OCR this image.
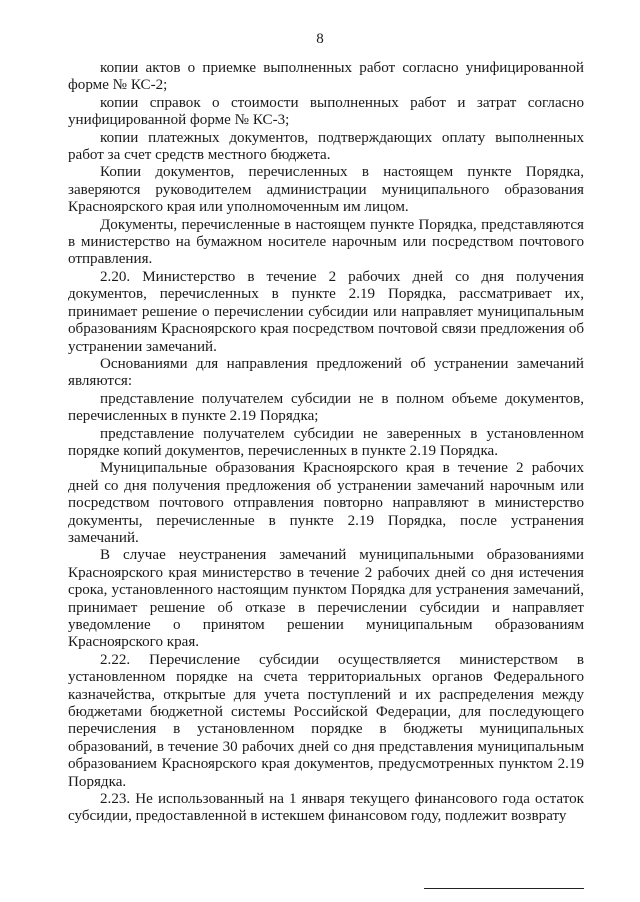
8

копии актов о приемке выполненных работ согласно унифицированной форме № КС-2;

копии справок о стоимости выполненных работ и затрат согласно унифицированной форме № КС-3;

копии платежных документов, подтверждающих оплату выполненных работ за счет средств местного бюджета.

Копии документов, перечисленных в настоящем пункте Порядка, заверяются руководителем администрации муниципального образования Красноярского края или уполномоченным им лицом.

Документы, перечисленные в настоящем пункте Порядка, представляются в министерство на бумажном носителе нарочным или посредством почтового отправления.

2.20. Министерство в течение 2 рабочих дней со дня получения документов, перечисленных в пункте 2.19 Порядка, рассматривает их, принимает решение о перечислении субсидии или направляет муниципальным образованиям Красноярского края посредством почтовой связи предложения об устранении замечаний.

Основаниями для направления предложений об устранении замечаний являются:

представление получателем субсидии не в полном объеме документов, перечисленных в пункте 2.19 Порядка;

представление получателем субсидии не заверенных в установленном порядке копий документов, перечисленных в пункте 2.19 Порядка.

Муниципальные образования Красноярского края в течение 2 рабочих дней со дня получения предложения об устранении замечаний нарочным или посредством почтового отправления повторно направляют в министерство документы, перечисленные в пункте 2.19 Порядка, после устранения замечаний.

В случае неустранения замечаний муниципальными образованиями Красноярского края министерство в течение 2 рабочих дней со дня истечения срока, установленного настоящим пунктом Порядка для устранения замечаний, принимает решение об отказе в перечислении субсидии и направляет уведомление о принятом решении муниципальным образованиям Красноярского края.

2.22. Перечисление субсидии осуществляется министерством в установленном порядке на счета территориальных органов Федерального казначейства, открытые для учета поступлений и их распределения между бюджетами бюджетной системы Российской Федерации, для последующего перечисления в установленном порядке в бюджеты муниципальных образований, в течение 30 рабочих дней со дня представления муниципальным образованием Красноярского края документов, предусмотренных пунктом 2.19 Порядка.

2.23. Не использованный на 1 января текущего финансового года остаток субсидии, предоставленной в истекшем финансовом году, подлежит возврату
